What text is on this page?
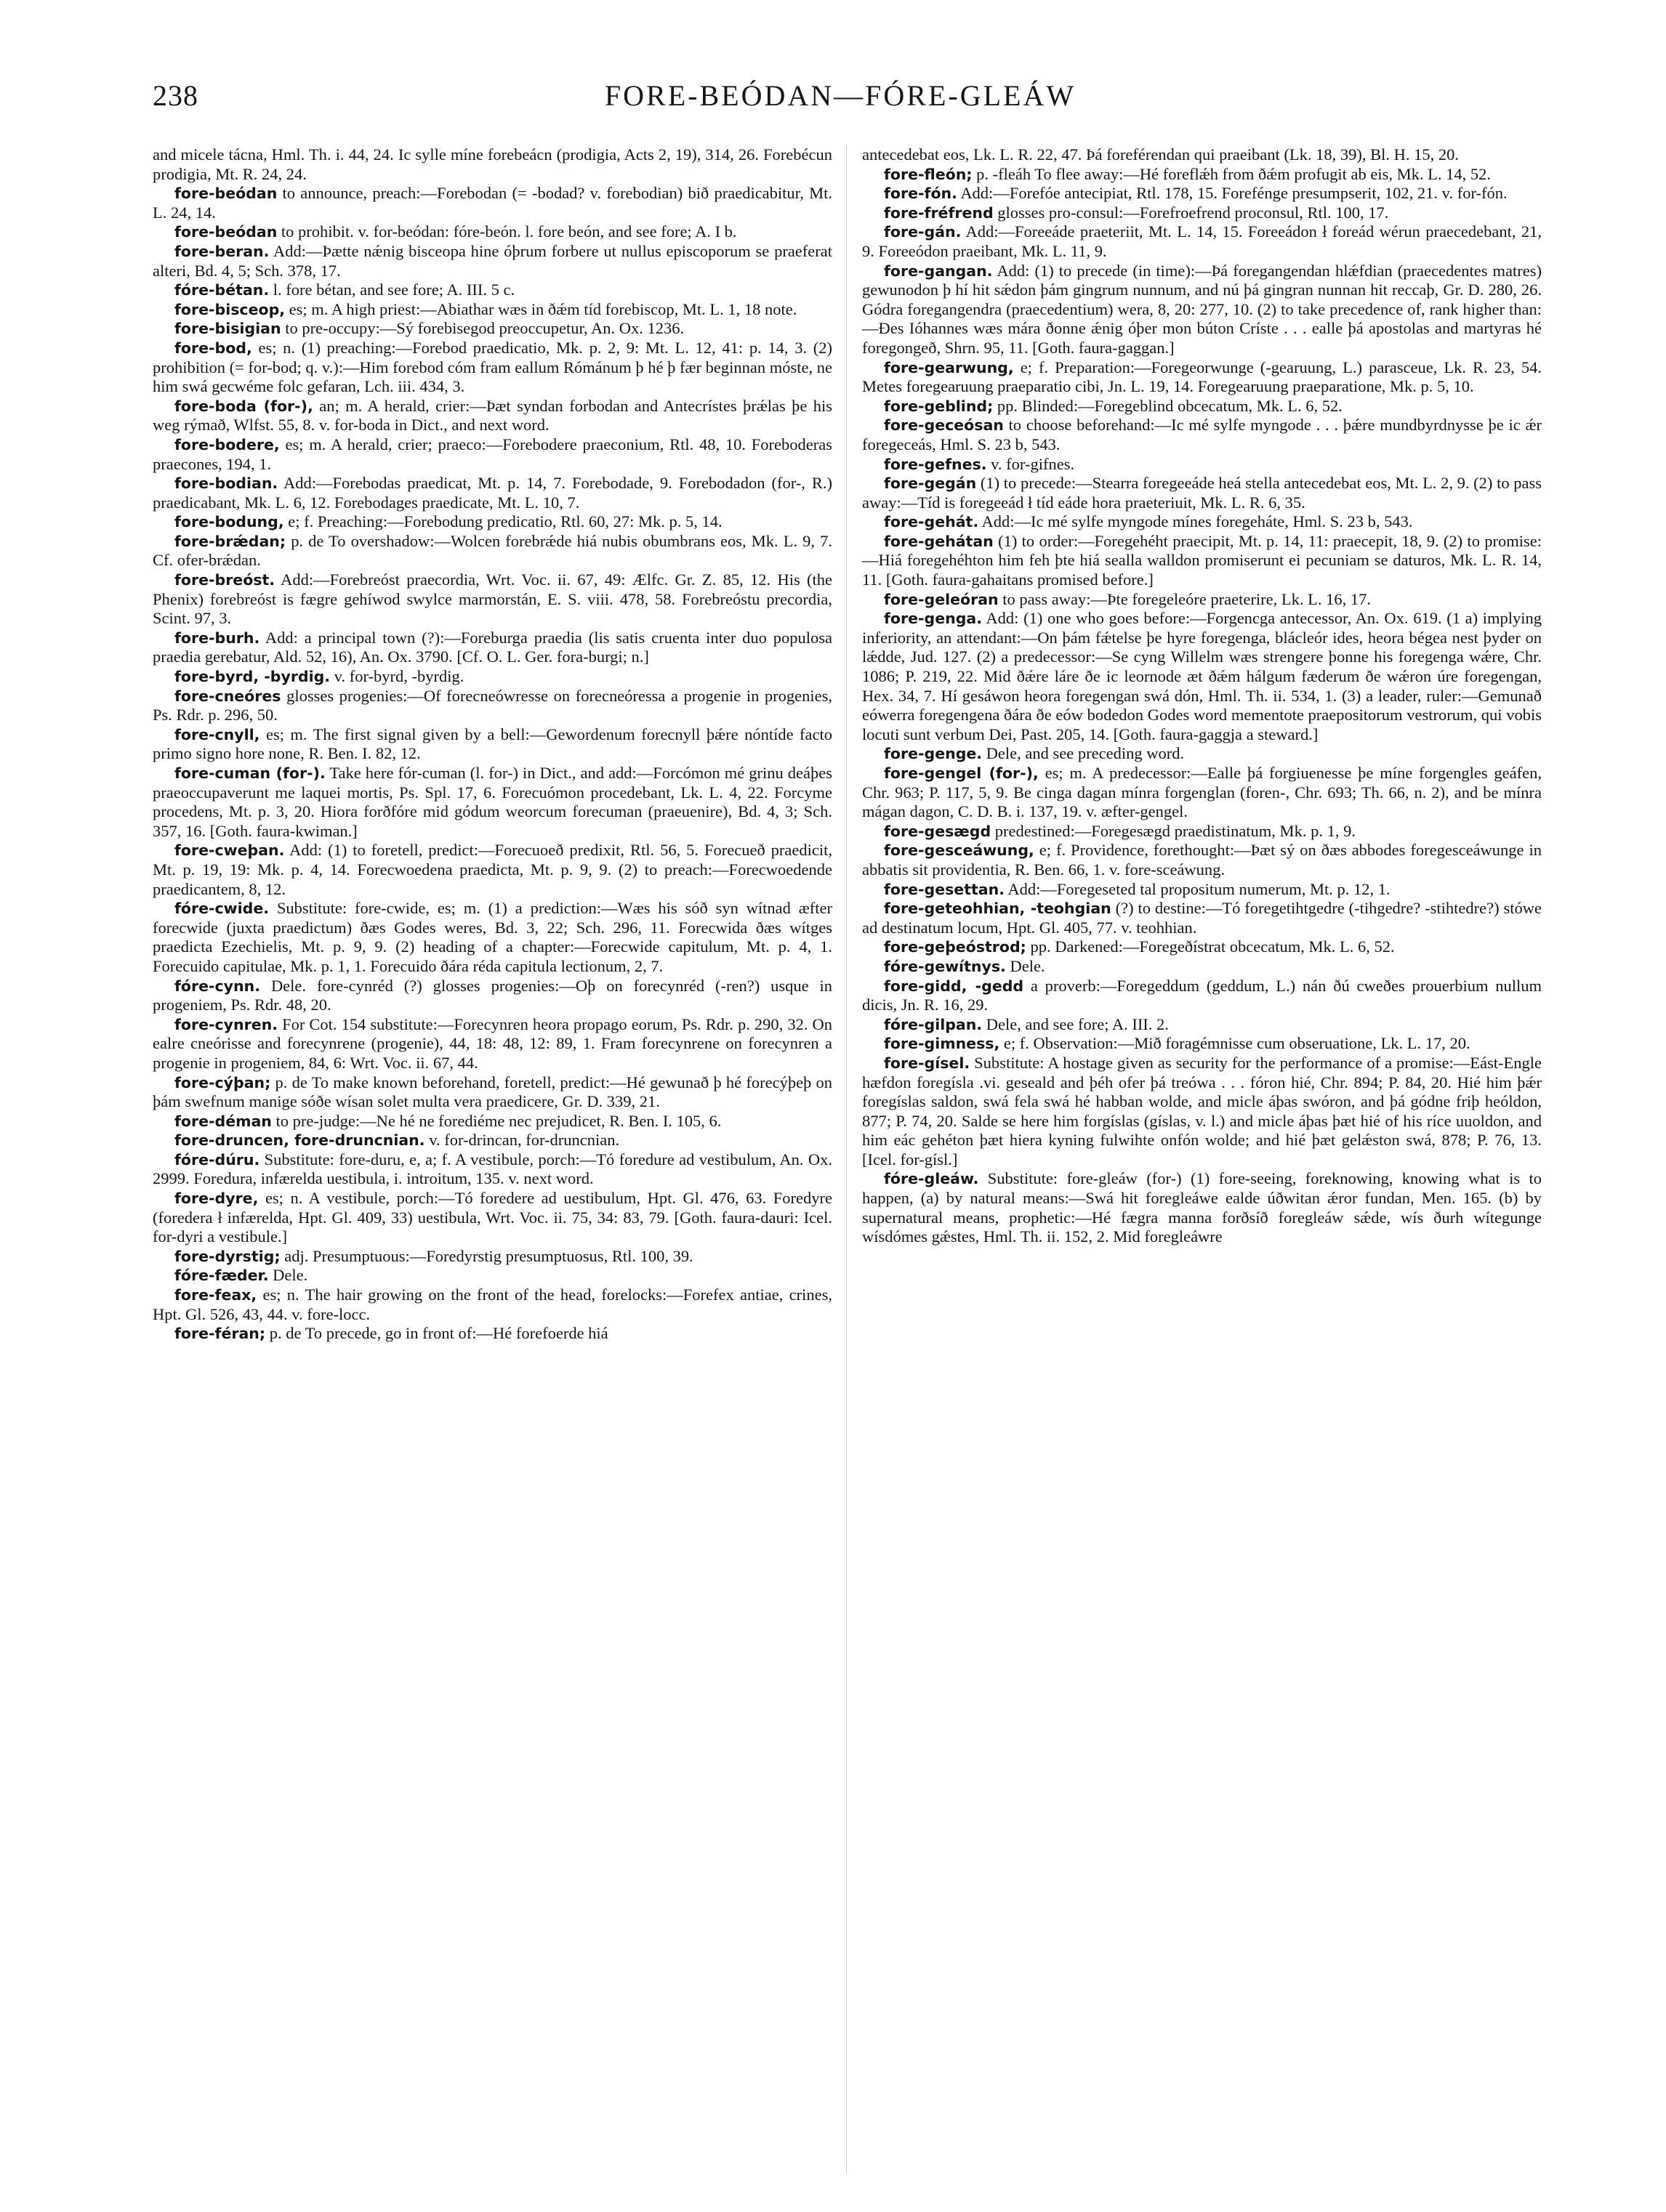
238	FORE-BEÓDAN—FÓRE-GLEÁW

and micele tácna, Hml. Th. i. 44, 24. Ic sylle míne forebeácn (prodigia, Acts 2, 19), 314, 26. Forebécun prodigia, Mt. R. 24, 24.

fore-beódan to announce, preach:—Forebodan (= -bodad? v. forebodian) bið praedicabitur, Mt. L. 24, 14.

fore-beódan to prohibit. v. for-beódan: fóre-beón. l. fore beón, and see fore; A. I b.

fore-beran. Add:—Þætte nǽnig bisceopa hine óþrum forbere ut nullus episcoporum se praeferat alteri, Bd. 4, 5; Sch. 378, 17.

fóre-bétan. l. fore bétan, and see fore; A. III. 5 c.

fore-bisceop, es; m. A high priest:—Abiathar wæs in ðǽm tíd forebiscop, Mt. L. 1, 18 note.

fore-bisigian to pre-occupy:—Sý forebisegod preoccupetur, An. Ox. 1236.

fore-bod, es; n. (1) preaching:—Forebod praedicatio, Mk. p. 2, 9: Mt. L. 12, 41: p. 14, 3. (2) prohibition (= for-bod; q. v.):—Him forebod cóm fram eallum Rómánum þ hé þ fær beginnan móste, ne him swá gecwéme folc gefaran, Lch. iii. 434, 3.

fore-boda (for-), an; m. A herald, crier:—Þæt syndan forbodan and Antecrístes þrǽlas þe his weg rýmað, Wlfst. 55, 8. v. for-boda in Dict., and next word.

fore-bodere, es; m. A herald, crier; praeco:—Forebodere praeconium, Rtl. 48, 10. Foreboderas praecones, 194, 1.

fore-bodian. Add:—Forebodas praedicat, Mt. p. 14, 7. Forebodade, 9. Forebodadon (for-, R.) praedicabant, Mk. L. 6, 12. Forebodages praedicate, Mt. L. 10, 7.

fore-bodung, e; f. Preaching:—Forebodung predicatio, Rtl. 60, 27: Mk. p. 5, 14.

fore-brǽdan; p. de To overshadow:—Wolcen forebrǽde hiá nubis obumbrans eos, Mk. L. 9, 7. Cf. ofer-brǽdan.

fore-breóst. Add:—Forebreóst praecordia, Wrt. Voc. ii. 67, 49: Ælfc. Gr. Z. 85, 12. His (the Phenix) forebreóst is fægre gehíwod swylce marmorstán, E. S. viii. 478, 58. Forebreóstu precordia, Scint. 97, 3.

fore-burh. Add: a principal town (?):—Foreburga praedia (lis satis cruenta inter duo populosa praedia gerebatur, Ald. 52, 16), An. Ox. 3790. [Cf. O. L. Ger. fora-burgi; n.]

fore-byrd, -byrdig. v. for-byrd, -byrdig.

fore-cneóres glosses progenies:—Of forecneówresse on forecneóressa a progenie in progenies, Ps. Rdr. p. 296, 50.

fore-cnyll, es; m. The first signal given by a bell:—Gewordenum forecnyll þǽre nóntíde facto primo signo hore none, R. Ben. I. 82, 12.

fore-cuman (for-). Take here fór-cuman (l. for-) in Dict., and add:—Forcómon mé grinu deáþes praeoccupaverunt me laquei mortis, Ps. Spl. 17, 6. Forecuómon procedebant, Lk. L. 4, 22. Forcyme procedens, Mt. p. 3, 20. Hiora forðfóre mid gódum weorcum forecuman (praeuenire), Bd. 4, 3; Sch. 357, 16. [Goth. faura-kwiman.]

fore-cweþan. Add: (1) to foretell, predict:—Forecuoeð predixit, Rtl. 56, 5. Forecueð praedicit, Mt. p. 19, 19: Mk. p. 4, 14. Forecwoedena praedicta, Mt. p. 9, 9. (2) to preach:—Forecwoedende praedicantem, 8, 12.

fóre-cwide. Substitute: fore-cwide, es; m. (1) a prediction:—Wæs his sóð syn wítnad æfter forecwide (juxta praedictum) ðæs Godes weres, Bd. 3, 22; Sch. 296, 11. Forecwida ðæs wítges praedicta Ezechielis, Mt. p. 9, 9. (2) heading of a chapter:—Forecwide capitulum, Mt. p. 4, 1. Forecuido capitulae, Mk. p. 1, 1. Forecuido ðára réda capitula lectionum, 2, 7.

fóre-cynn. Dele. fore-cynréd (?) glosses progenies:—Oþ on forecynréd (-ren?) usque in progeniem, Ps. Rdr. 48, 20.

fore-cynren. For Cot. 154 substitute:—Forecynren heora propago eorum, Ps. Rdr. p. 290, 32. On ealre cneórisse and forecynrene (progenie), 44, 18: 48, 12: 89, 1. Fram forecynrene on forecynren a progenie in progeniem, 84, 6: Wrt. Voc. ii. 67, 44.

fore-cýþan; p. de To make known beforehand, foretell, predict:—Hé gewunað þ hé forecýþeþ on þám swefnum manige sóðe wísan solet multa vera praedicere, Gr. D. 339, 21.

fore-déman to pre-judge:—Ne hé ne forediéme nec prejudicet, R. Ben. I. 105, 6.

fore-druncen, fore-druncnian. v. for-drincan, for-druncnian.

fóre-dúru. Substitute: fore-duru, e, a; f. A vestibule, porch:—Tó foredure ad vestibulum, An. Ox. 2999. Foredura, infærelda uestibula, i. introitum, 135. v. next word.

fore-dyre, es; n. A vestibule, porch:—Tó foredere ad uestibulum, Hpt. Gl. 476, 63. Foredyre (foredera ł infærelda, Hpt. Gl. 409, 33) uestibula, Wrt. Voc. ii. 75, 34: 83, 79. [Goth. faura-dauri: Icel. for-dyri a vestibule.]

fore-dyrstig; adj. Presumptuous:—Foredyrstig presumptuosus, Rtl. 100, 39.

fóre-fæder. Dele.

fore-feax, es; n. The hair growing on the front of the head, forelocks:—Forefex antiae, crines, Hpt. Gl. 526, 43, 44. v. fore-locc.

fore-féran; p. de To precede, go in front of:—Hé forefoerde hiá

antecedebat eos, Lk. L. R. 22, 47. Þá foreférendan qui praeibant (Lk. 18, 39), Bl. H. 15, 20.

fore-fleón; p. -fleáh To flee away:—Hé foreflǽh from ðǽm profugit ab eis, Mk. L. 14, 52.

fore-fón. Add:—Forefóe antecipiat, Rtl. 178, 15. Forefénge presumpserit, 102, 21. v. for-fón.

fore-fréfrend glosses pro-consul:—Forefroefrend proconsul, Rtl. 100, 17.

fore-gán. Add:—Foreeáde praeteriit, Mt. L. 14, 15. Foreeádon ł foreád wérun praecedebant, 21, 9. Foreeódon praeibant, Mk. L. 11, 9.

fore-gangan. Add: (1) to precede (in time):—Þá foregangendan hlǽfdian (praecedentes matres) gewunodon þ hí hit sǽdon þám gingrum nunnum, and nú þá gingran nunnan hit reccaþ, Gr. D. 280, 26. Gódra foregangendra (praecedentium) wera, 8, 20: 277, 10. (2) to take precedence of, rank higher than:—Ðes Ióhannes wæs mára ðonne ǽnig óþer mon búton Críste . . . ealle þá apostolas and martyras hé foregongeð, Shrn. 95, 11. [Goth. faura-gaggan.]

fore-gearwung, e; f. Preparation:—Foregeorwunge (-gearuung, L.) parasceue, Lk. R. 23, 54. Metes foregearuung praeparatio cibi, Jn. L. 19, 14. Foregearuung praeparatione, Mk. p. 5, 10.

fore-geblind; pp. Blinded:—Foregeblind obcecatum, Mk. L. 6, 52.

fore-geceósan to choose beforehand:—Ic mé sylfe myngode . . . þǽre mundbyrdnysse þe ic ǽr foregeceás, Hml. S. 23 b, 543.

fore-gefnes. v. for-gifnes.

fore-gegán (1) to precede:—Stearra foregeeáde heá stella antecedebat eos, Mt. L. 2, 9. (2) to pass away:—Tíd is foregeeád ł tíd eáde hora praeteriuit, Mk. L. R. 6, 35.

fore-gehát. Add:—Ic mé sylfe myngode mínes foregeháte, Hml. S. 23 b, 543.

fore-gehátan (1) to order:—Foregehéht praecipit, Mt. p. 14, 11: praecepit, 18, 9. (2) to promise:—Hiá foregehéhton him feh þte hiá sealla walldon promiserunt ei pecuniam se daturos, Mk. L. R. 14, 11. [Goth. faura-gahaitans promised before.]

fore-geleóran to pass away:—Þte foregeleóre praeterire, Lk. L. 16, 17.

fore-genga. Add: (1) one who goes before:—Forgencga antecessor, An. Ox. 619. (1 a) implying inferiority, an attendant:—On þám fǽtelse þe hyre foregenga, blácleór ides, heora bégea nest þyder on lǽdde, Jud. 127. (2) a predecessor:—Se cyng Willelm wæs strengere þonne his foregenga wǽre, Chr. 1086; P. 219, 22. Mid ðǽre láre ðe ic leornode æt ðǽm hálgum fæderum ðe wǽron úre foregengan, Hex. 34, 7. Hí gesáwon heora foregengan swá dón, Hml. Th. ii. 534, 1. (3) a leader, ruler:—Gemunað eówerra foregengena ðára ðe eów bodedon Godes word mementote praepositorum vestrorum, qui vobis locuti sunt verbum Dei, Past. 205, 14. [Goth. faura-gaggja a steward.]

fore-genge. Dele, and see preceding word.

fore-gengel (for-), es; m. A predecessor:—Ealle þá forgiuenesse þe míne forgengles geáfen, Chr. 963; P. 117, 5, 9. Be cinga dagan mínra forgenglan (foren-, Chr. 693; Th. 66, n. 2), and be mínra mágan dagon, C. D. B. i. 137, 19. v. æfter-gengel.

fore-gesægd predestined:—Foregesægd praedistinatum, Mk. p. 1, 9.

fore-gesceáwung, e; f. Providence, forethought:—Þæt sý on ðæs abbodes foregesceáwunge in abbatis sit providentia, R. Ben. 66, 1. v. fore-sceáwung.

fore-gesettan. Add:—Foregeseted tal propositum numerum, Mt. p. 12, 1.

fore-geteohhian, -teohgian (?) to destine:—Tó foregetihtgedre (-tihgedre? -stihtedre?) stówe ad destinatum locum, Hpt. Gl. 405, 77. v. teohhian.

fore-geþeóstrod; pp. Darkened:—Foregeðístrat obcecatum, Mk. L. 6, 52.

fóre-gewítnys. Dele.

fore-gidd, -gedd a proverb:—Foregeddum (geddum, L.) nán ðú cweðes prouerbium nullum dicis, Jn. R. 16, 29.

fóre-gilpan. Dele, and see fore; A. III. 2.

fore-gimness, e; f. Observation:—Mið foragémnisse cum obseruatione, Lk. L. 17, 20.

fore-gísel. Substitute: A hostage given as security for the performance of a promise:—Eást-Engle hæfdon foregísla .vi. geseald and þéh ofer þá treówa . . . fóron hié, Chr. 894; P. 84, 20. Hié him þǽr foregíslas saldon, swá fela swá hé habban wolde, and micle áþas swóron, and þá gódne friþ heóldon, 877; P. 74, 20. Salde se here him forgíslas (gíslas, v. l.) and micle áþas þæt hié of his ríce uuoldon, and him eác gehéton þæt hiera kyning fulwihte onfón wolde; and hié þæt gelǽston swá, 878; P. 76, 13. [Icel. for-gísl.]

fóre-gleáw. Substitute: fore-gleáw (for-) (1) fore-seeing, foreknowing, knowing what is to happen, (a) by natural means:—Swá hit foregleáwe ealde úðwitan ǽror fundan, Men. 165. (b) by supernatural means, prophetic:—Hé fægra manna forðsíð foregleáw sǽde, wís ðurh wítegunge wísdómes gǽstes, Hml. Th. ii. 152, 2. Mid foregleáwre
